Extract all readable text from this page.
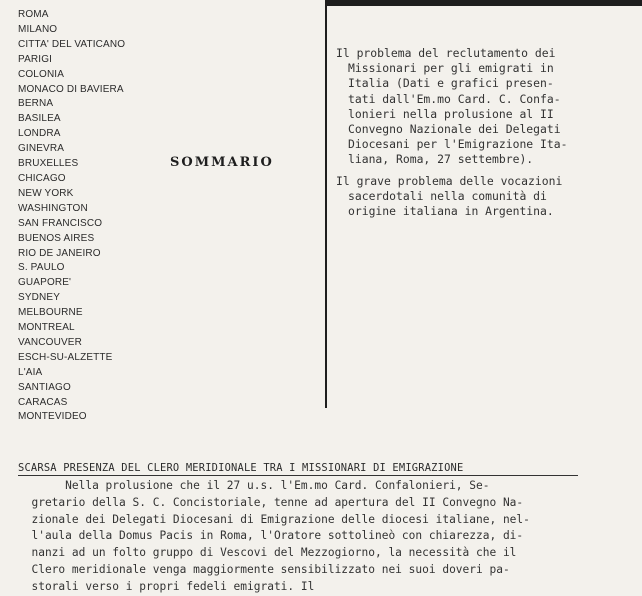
ROMA
MILANO
CITTA' DEL VATICANO
PARIGI
COLONIA
MONACO DI BAVIERA
BERNA
BASILEA
LONDRA
GINEVRA
BRUXELLES
CHICAGO
NEW YORK
WASHINGTON
SAN FRANCISCO
BUENOS AIRES
RIO DE JANEIRO
S. PAULO
GUAPORE'
SYDNEY
MELBOURNE
MONTREAL
VANCOUVER
ESCH-SU-ALZETTE
L'AIA
SANTIAGO
CARACAS
MONTEVIDEO
SOMMARIO
Il problema del reclutamento dei
Missionari per gli emigrati in
Italia (Dati e grafici presen-
tati dall'Em.mo Card. C. Confa-
lonieri nella prolusione al II
Convegno Nazionale dei Delegati
Diocesani per l'Emigrazione Ita-
liana, Roma, 27 settembre).
Il grave problema delle vocazioni
sacerdotali nella comunità di
origine italiana in Argentina.
SCARSA PRESENZA DEL CLERO MERIDIONALE TRA I MISSIONARI DI EMIGRAZIONE
Nella prolusione che il 27 u.s. l'Em.mo Card. Confalonieri, Se-
gretario della S. C. Concistoriale, tenne ad apertura del II Convegno Na-
zionale dei Delegati Diocesani di Emigrazione delle diocesi italiane, nel-
l'aula della Domus Pacis in Roma, l'Oratore sottolineò con chiarezza, di-
nanzi ad un folto gruppo di Vescovi del Mezzogiorno, la necessità che il
Clero meridionale venga maggiormente sensibilizzato nei suoi doveri pa-
storali verso i propri fedeli emigrati. Il
